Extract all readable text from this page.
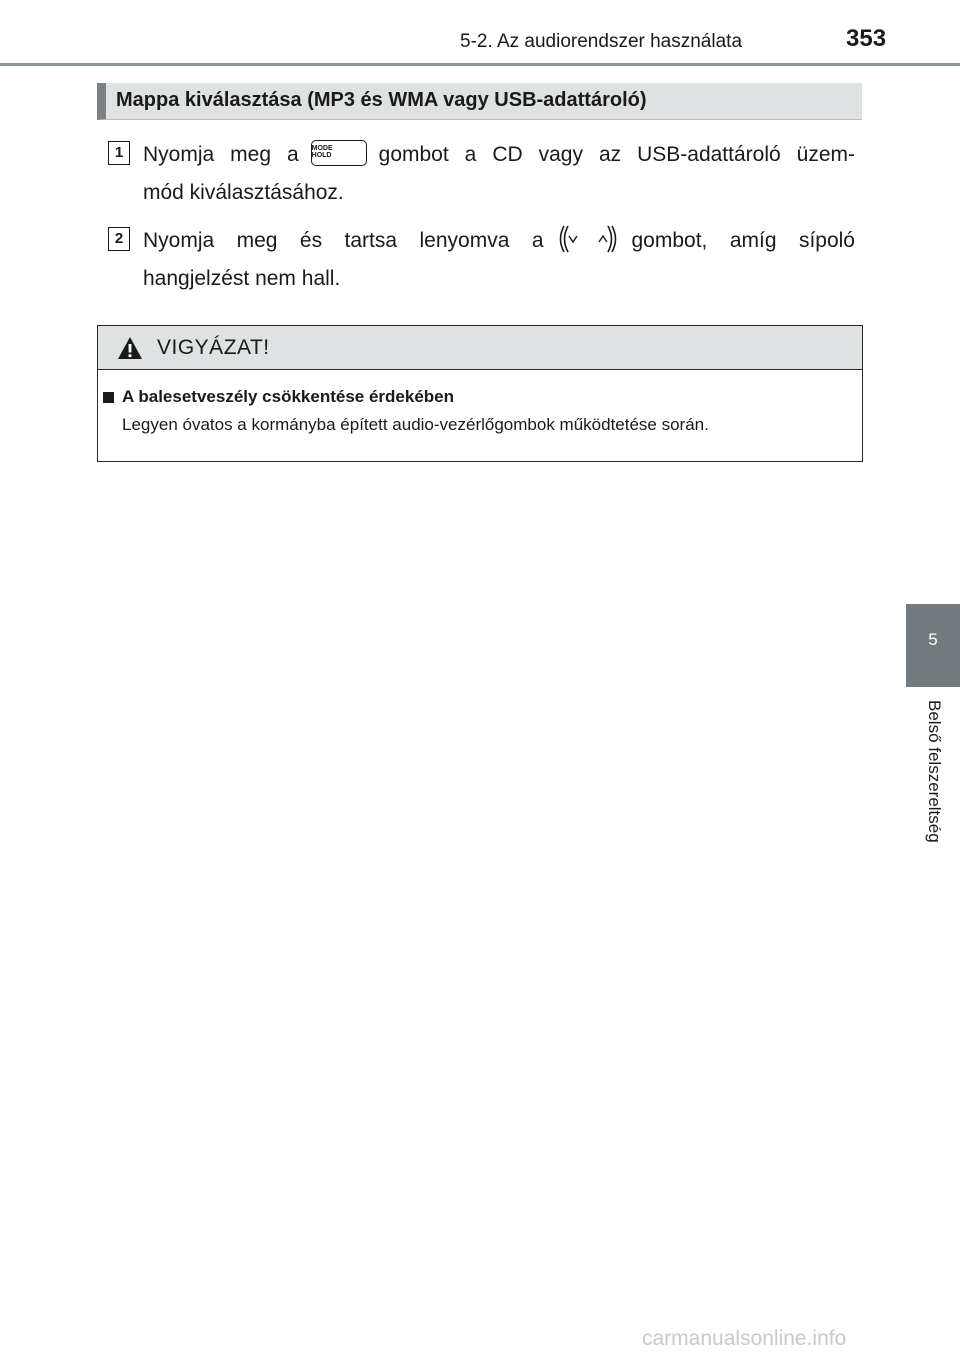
5-2. Az audiorendszer használata	353
Mappa kiválasztása (MP3 és WMA vagy USB-adattároló)
1 Nyomja meg a MODE
HOLD	gombot a CD vagy az USB-adattároló üzem-
mód kiválasztásához.
2 Nyomja meg és tartsa lenyomva a	gombot, amíg sípoló
hangjelzést nem hall.
VIGYÁZAT!
A balesetveszély csökkentése érdekében
Legyen óvatos a kormányba épített audio-vezérlőgombok működtetése során.
5
Belső felszereltség
carmanualsonline.info
